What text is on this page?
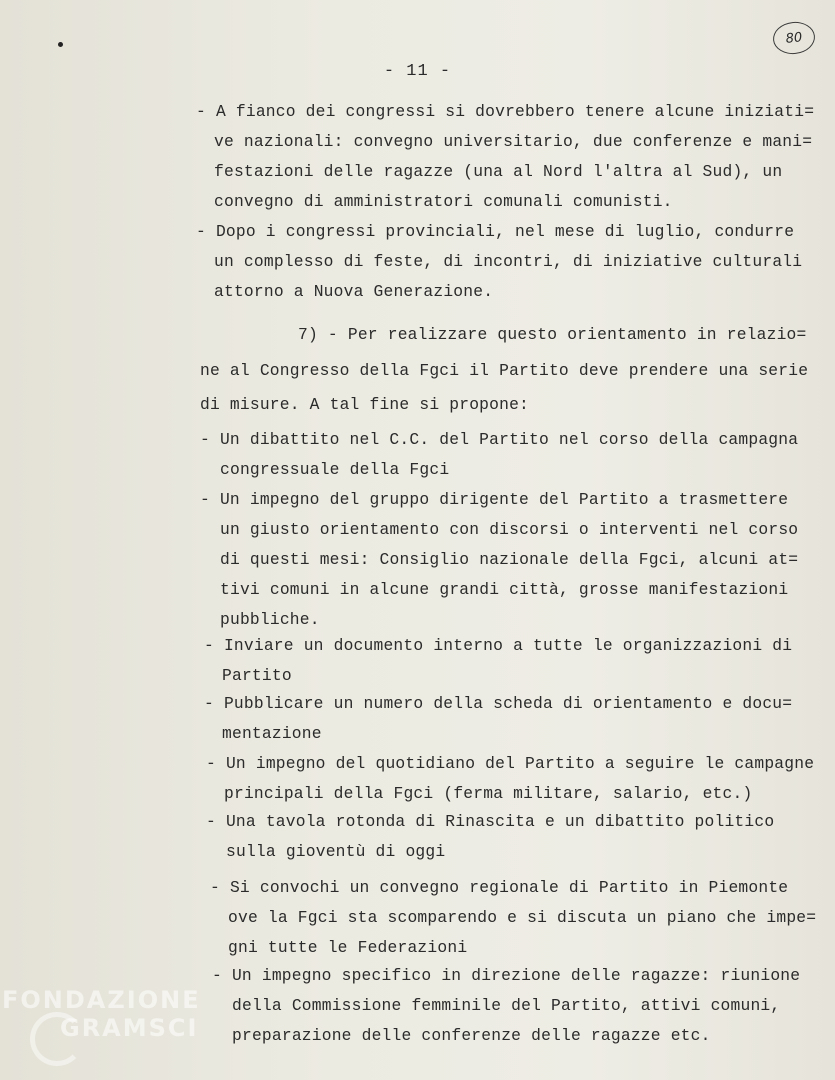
80
- 11 -
- A fianco dei congressi si dovrebbero tenere alcune iniziati=
ve nazionali: convegno universitario, due conferenze e mani=
festazioni delle ragazze (una al Nord l'altra al Sud), un
convegno di amministratori comunali comunisti.
- Dopo i congressi provinciali, nel mese di luglio, condurre
un complesso di feste, di incontri, di iniziative culturali
attorno a Nuova Generazione.
7) - Per realizzare questo orientamento in relazio=
ne al Congresso della Fgci il Partito deve prendere una serie
di misure. A tal fine si propone:
- Un dibattito nel C.C. del Partito nel corso della campagna
congressuale della Fgci
- Un impegno del gruppo dirigente del Partito a trasmettere
un giusto orientamento con discorsi o interventi nel corso
di questi mesi: Consiglio nazionale della Fgci, alcuni at=
tivi comuni in alcune grandi città, grosse manifestazioni
pubbliche.
- Inviare un documento interno a tutte le organizzazioni di
Partito
- Pubblicare un numero della scheda di orientamento e docu=
mentazione
- Un impegno del quotidiano del Partito a seguire le campagne
principali della Fgci (ferma militare, salario, etc.)
- Una tavola rotonda di Rinascita e un dibattito politico
sulla gioventù di oggi
- Si convochi un convegno regionale di Partito in Piemonte
ove la Fgci sta scomparendo e si discuta un piano che impe=
gni tutte le Federazioni
- Un impegno specifico in direzione delle ragazze: riunione
della Commissione femminile del Partito, attivi comuni,
preparazione delle conferenze delle ragazze etc.
FONDAZIONE
GRAMSCI
